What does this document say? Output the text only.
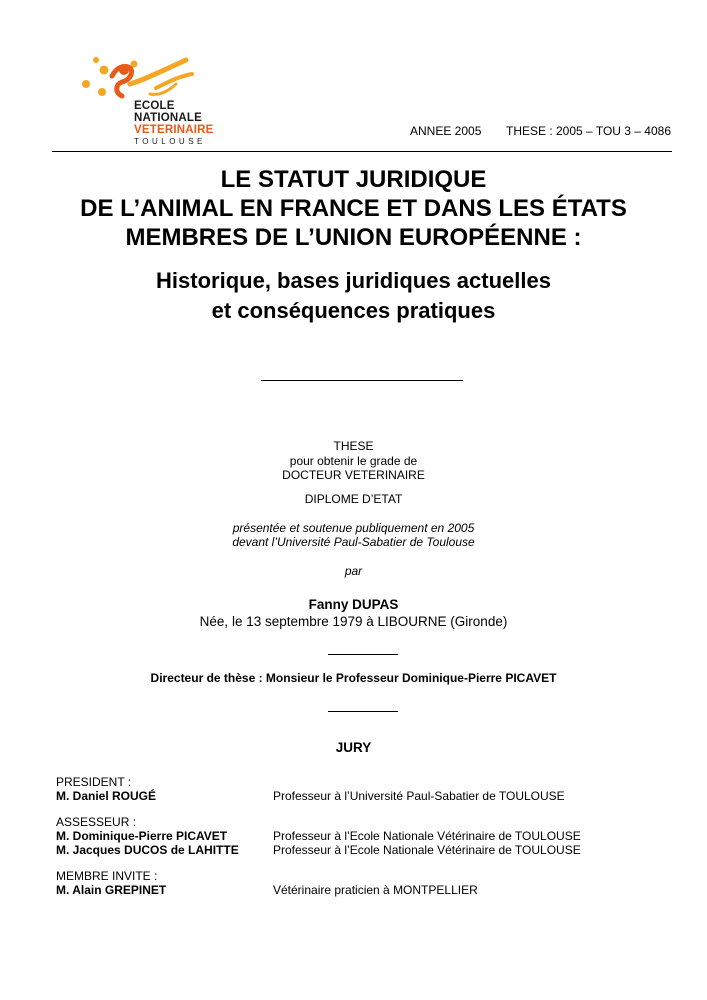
ECOLE
NATIONALE
VETERINAIRE
TOULOUSE
ANNEE 2005 THESE : 2005 – TOU 3 – 4086
LE STATUT JURIDIQUE
DE L’ANIMAL EN FRANCE ET DANS LES ÉTATS
MEMBRES DE L’UNION EUROPÉENNE :
Historique, bases juridiques actuelles
et conséquences pratiques
THESE
pour obtenir le grade de
DOCTEUR VETERINAIRE
DIPLOME D’ETAT
présentée et soutenue publiquement en 2005
devant l’Université Paul-Sabatier de Toulouse
par
Fanny DUPAS
Née, le 13 septembre 1979 à LIBOURNE (Gironde)
Directeur de thèse : Monsieur le Professeur Dominique-Pierre PICAVET
JURY
PRESIDENT :
M. Daniel ROUGÉ	Professeur à l’Université Paul-Sabatier de TOULOUSE
ASSESSEUR :
M. Dominique-Pierre PICAVET	Professeur à l’Ecole Nationale Vétérinaire de TOULOUSE
M. Jacques DUCOS de LAHITTE	Professeur à l’Ecole Nationale Vétérinaire de TOULOUSE
MEMBRE INVITE :
M. Alain GREPINET	Vétérinaire praticien à MONTPELLIER
